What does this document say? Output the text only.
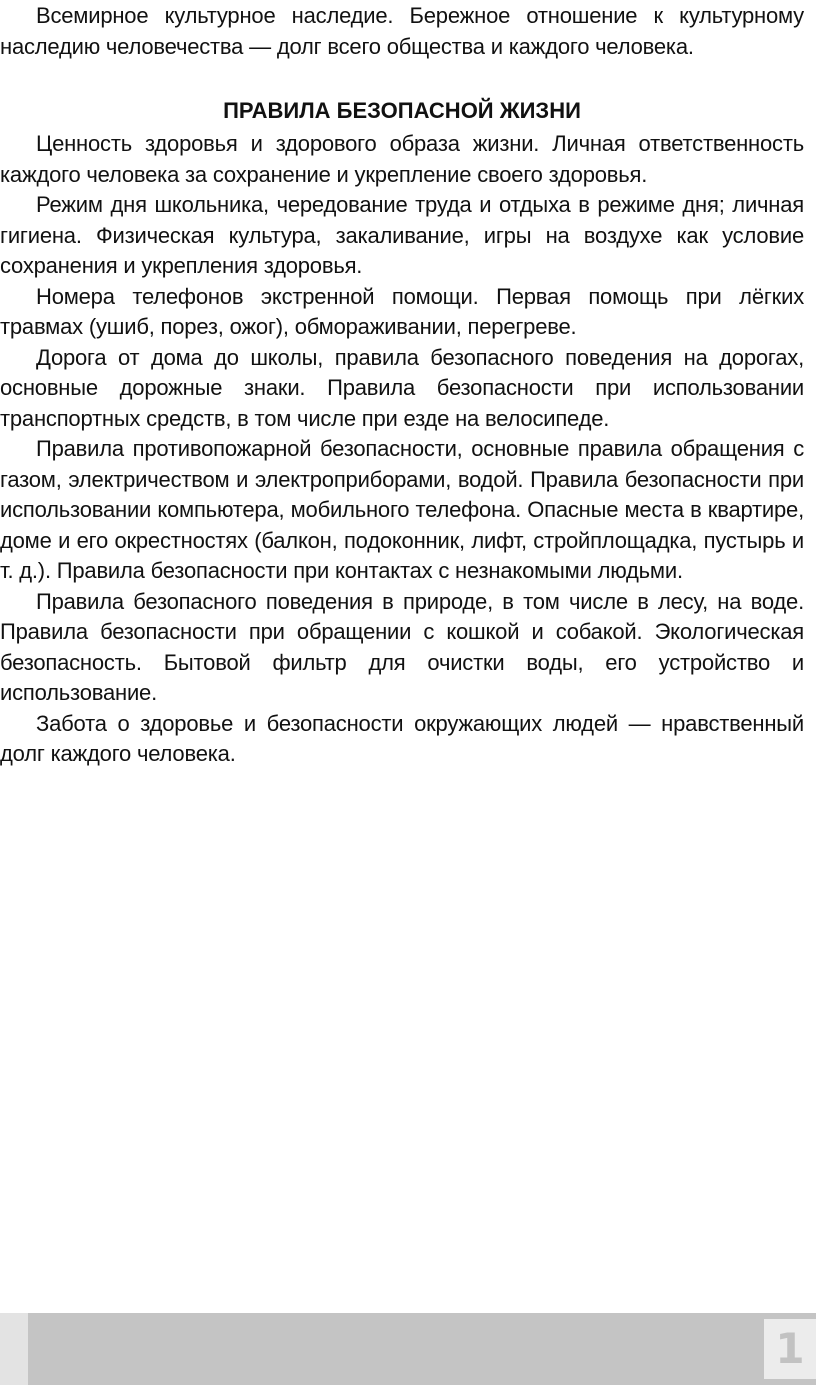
Всемирное культурное наследие. Бережное отношение к культурному наследию человечества — долг всего общества и каждого человека.

ПРАВИЛА БЕЗОПАСНОЙ ЖИЗНИ

Ценность здоровья и здорового образа жизни. Личная ответственность каждого человека за сохранение и укрепление своего здоровья.

Режим дня школьника, чередование труда и отдыха в режиме дня; личная гигиена. Физическая культура, закаливание, игры на воздухе как условие сохранения и укрепления здоровья.

Номера телефонов экстренной помощи. Первая помощь при лёгких травмах (ушиб, порез, ожог), обмораживании, перегреве.

Дорога от дома до школы, правила безопасного поведения на дорогах, основные дорожные знаки. Правила безопасности при использовании транспортных средств, в том числе при езде на велосипеде.

Правила противопожарной безопасности, основные правила обращения с газом, электричеством и электроприборами, водой. Правила безопасности при использовании компьютера, мобильного телефона. Опасные места в квартире, доме и его окрестностях (балкон, подоконник, лифт, стройплощадка, пустырь и т. д.). Правила безопасности при контактах с незнакомыми людьми.

Правила безопасного поведения в природе, в том числе в лесу, на воде. Правила безопасности при обращении с кошкой и собакой. Экологическая безопасность. Бытовой фильтр для очистки воды, его устройство и использование.

Забота о здоровье и безопасности окружающих людей — нравственный долг каждого человека.

1
